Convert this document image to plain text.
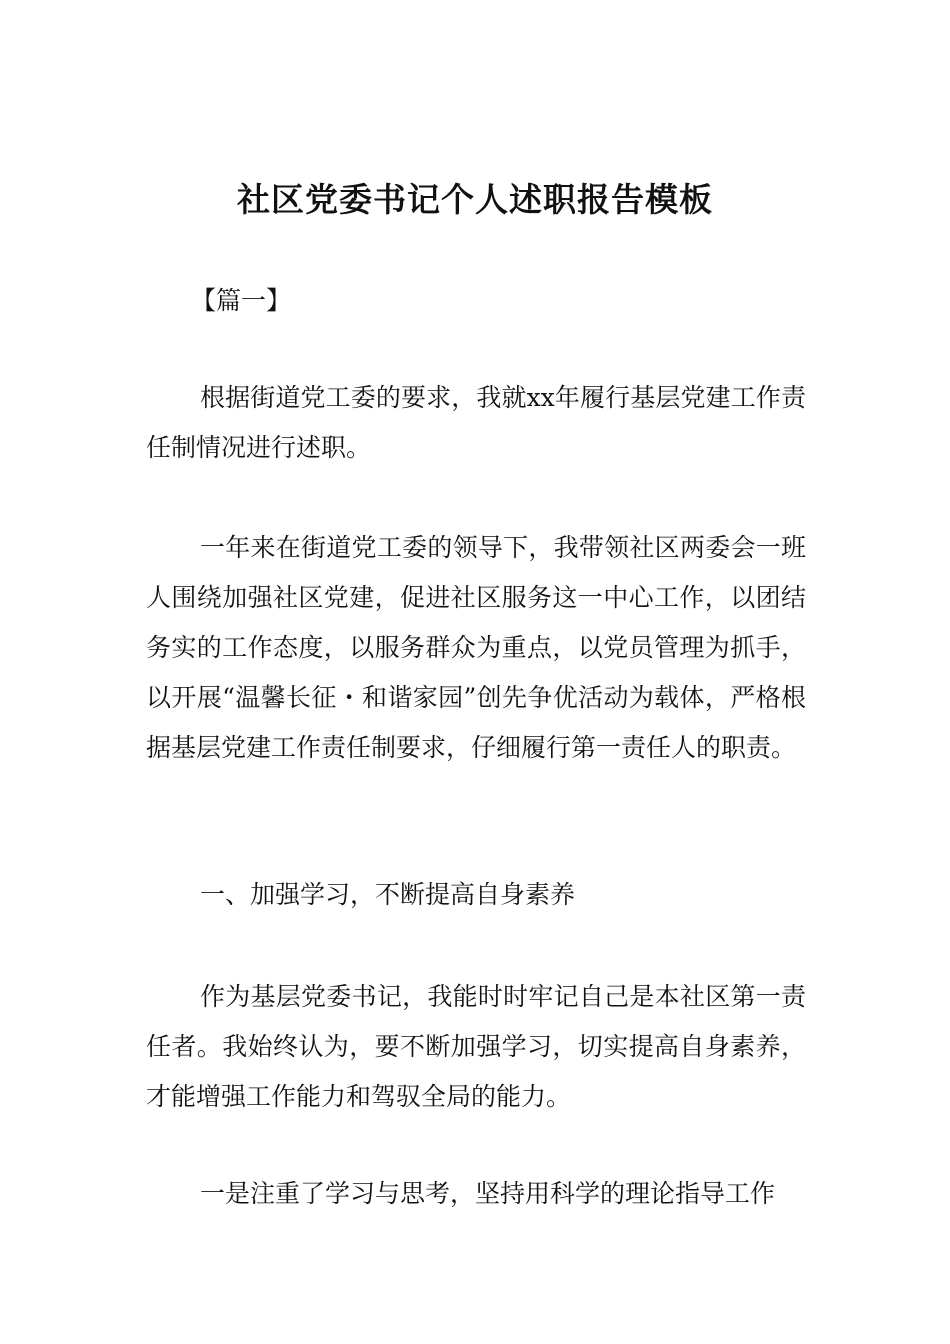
社区党委书记个人述职报告模板

【篇一】

根据街道党工委的要求，我就xx年履行基层党建工作责任制情况进行述职。

一年来在街道党工委的领导下，我带领社区两委会一班人围绕加强社区党建，促进社区服务这一中心工作，以团结务实的工作态度，以服务群众为重点，以党员管理为抓手，以开展“温馨长征・和谐家园”创先争优活动为载体，严格根据基层党建工作责任制要求，仔细履行第一责任人的职责。

一、加强学习，不断提高自身素养

作为基层党委书记，我能时时牢记自己是本社区第一责任者。我始终认为，要不断加强学习，切实提高自身素养，才能增强工作能力和驾驭全局的能力。

一是注重了学习与思考，坚持用科学的理论指导工作
